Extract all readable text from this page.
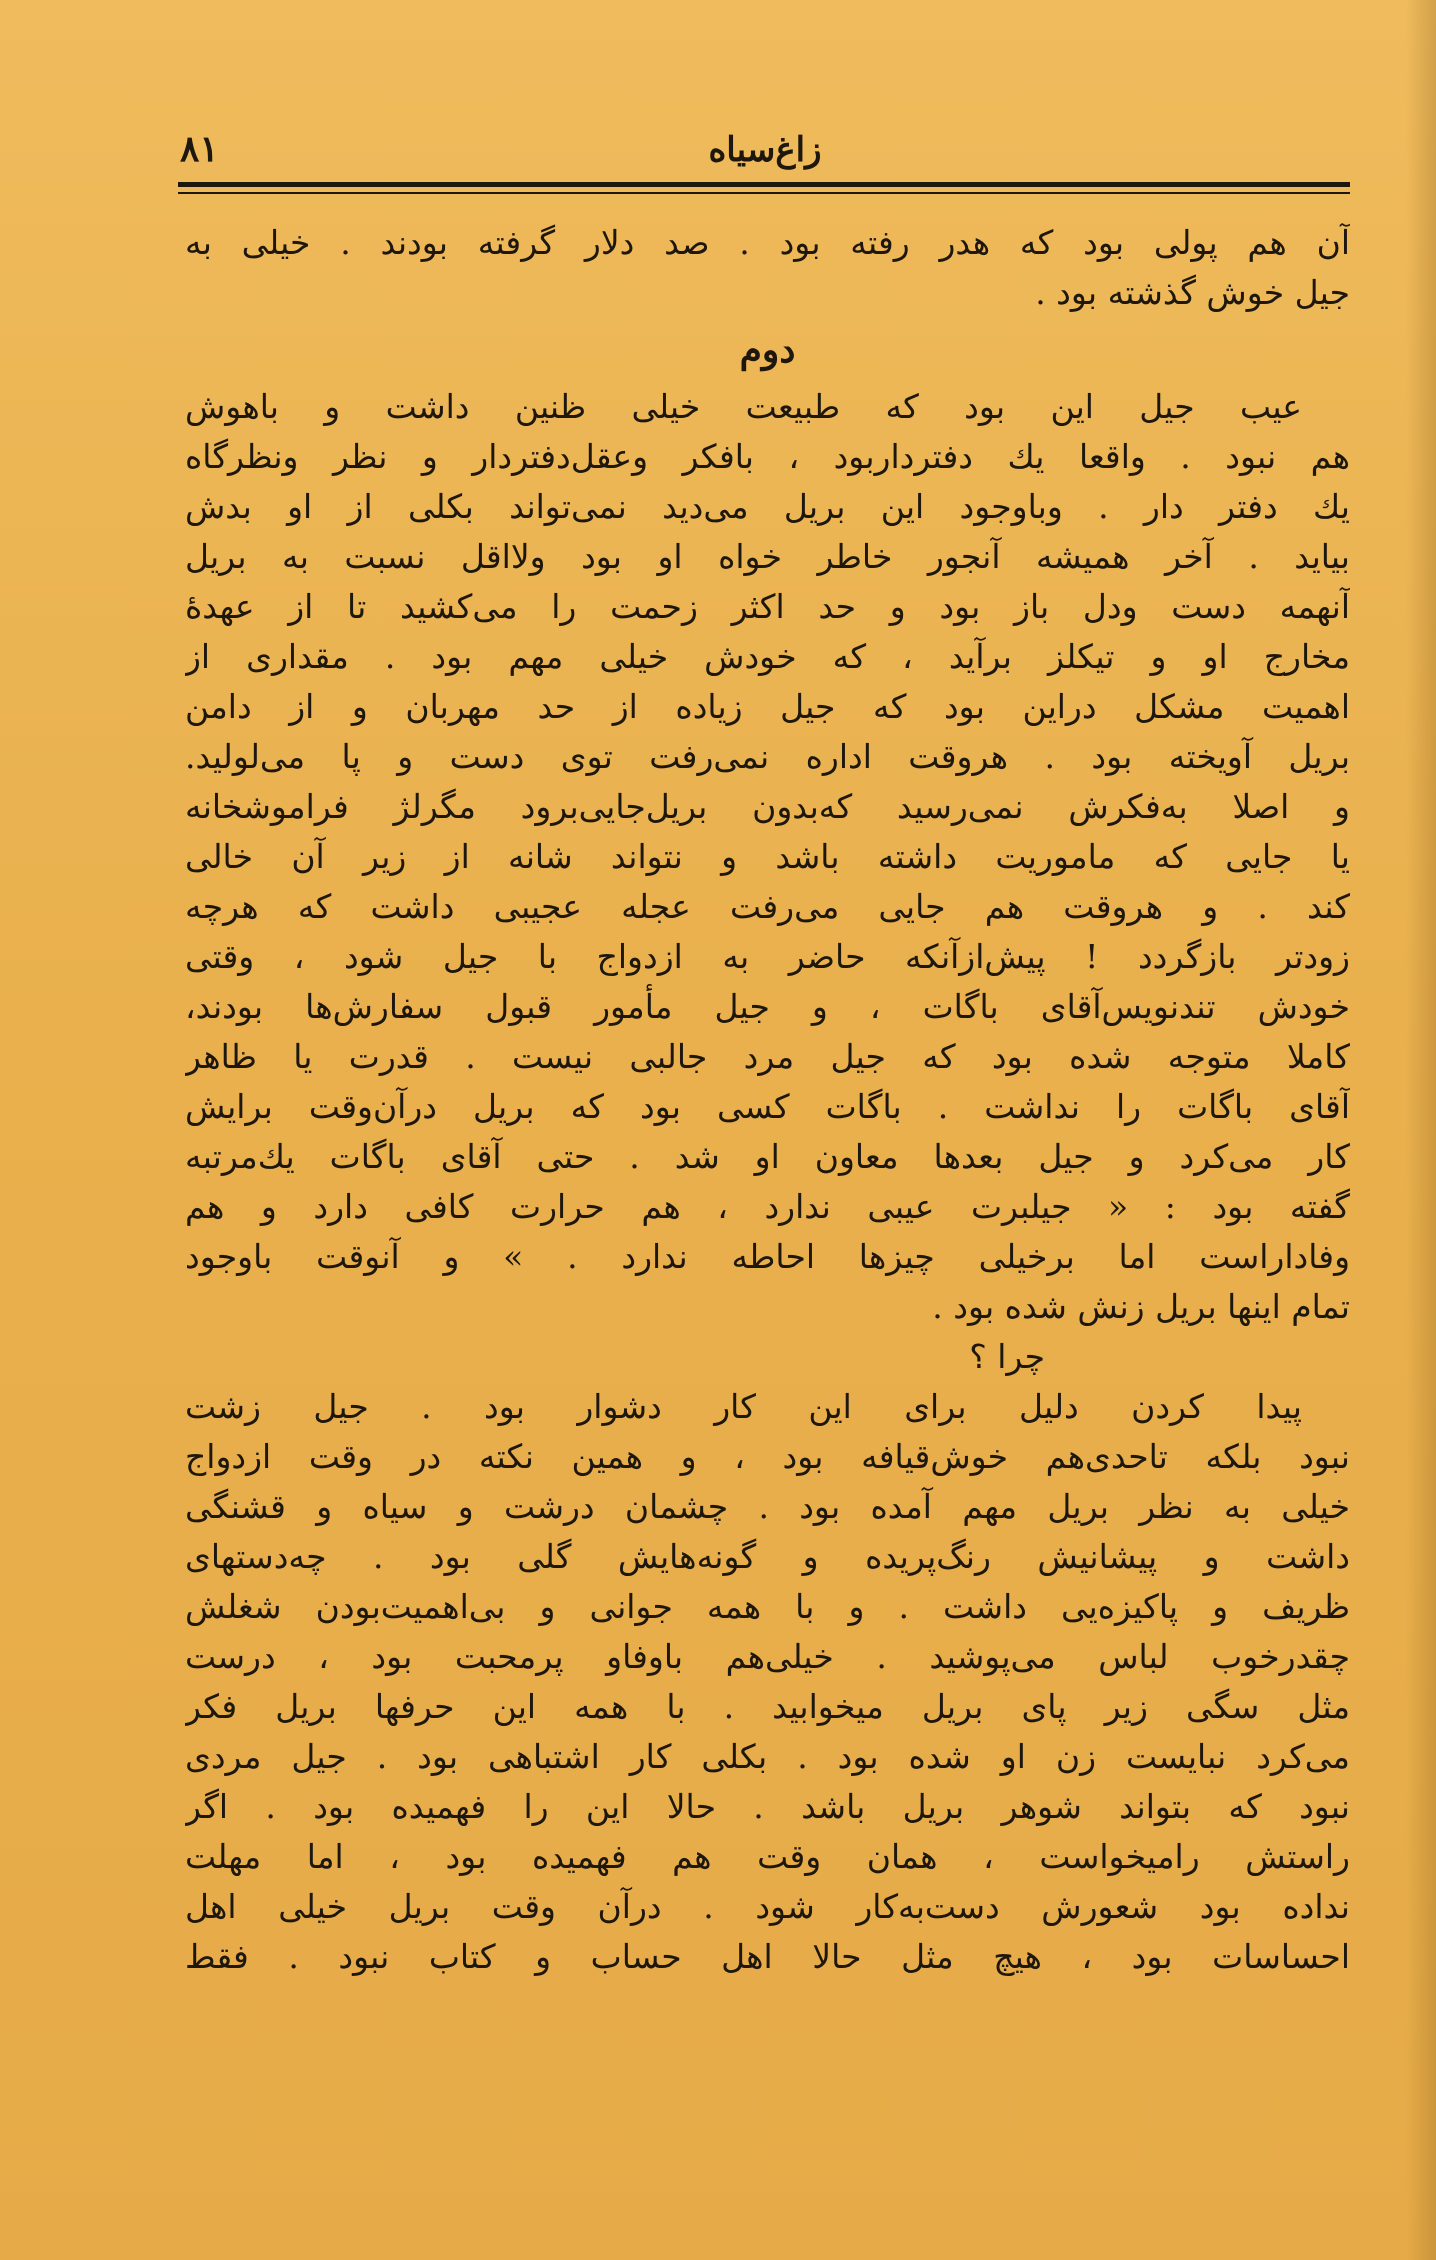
زاغ‌سیاه
۸۱
آن هم پولی بود که هدر رفته بود . صد دلار گرفته بودند . خیلی به
جیل خوش گذشته بود .
دوم
عیب جیل این بود که طبیعت خیلی ظنین داشت و باهوش
هم نبود . واقعا یك دفتردار‌بود ، بافکر وعقل‌دفتردار و نظر ونظرگاه
یك دفتر دار . وباوجود این بریل می‌دید نمی‌تواند بکلی از او بدش
بیاید . آخر همیشه آنجور خاطر خواه او بود ولااقل نسبت به بریل
آنهمه دست ودل‌ باز بود و حد اکثر زحمت را می‌کشید تا از عهدهٔ
مخارج او و تیکلز برآید ، که خودش خیلی مهم بود . مقداری از
اهمیت مشکل دراین بود که جیل زیاده از حد مهربان و از دامن
بریل آویخته بود . هروقت اداره نمی‌رفت توی دست و پا می‌لولید.
و اصلا به‌فکرش نمی‌رسید که‌بدون بریل‌جایی‌برود مگرلژ فراموشخانه
یا جایی که ماموریت داشته باشد و نتواند شانه از زیر آن خالی
کند . و هروقت هم جایی می‌رفت عجله عجیبی داشت که هرچه
زودتر بازگردد ! پیش‌ازآنکه حاضر به ازدواج با جیل شود ، وقتی
خودش تندنویس‌آقای باگات ، و جیل مأمور قبول سفارش‌ها بودند،
کاملا متوجه شده بود که جیل مرد جالبی نیست . قدرت یا ظاهر
آقای باگات را نداشت . باگات کسی بود که بریل درآن‌وقت برایش
کار می‌کرد و جیل بعدها معاون او شد . حتی آقای باگات یك‌مرتبه
گفته بود : « جیلبرت عیبی ندارد ، هم حرارت کافی دارد و هم
وفاداراست اما برخیلی چیزها احاطه ندارد . » و آنوقت باوجود
تمام اینها بریل زنش شده بود .
چرا ؟
پیدا کردن دلیل برای این کار دشوار بود . جیل زشت
نبود بلکه تاحدی‌هم خوش‌قیافه بود ، و همین نکته در وقت ازدواج
خیلی به نظر بریل مهم آمده بود . چشمان درشت و سیاه و قشنگی
داشت و پیشانیش رنگ‌پریده و گونه‌هایش گلی بود . چه‌دستهای
ظریف و پاکیزه‌یی داشت . و با همه جوانی و بی‌اهمیت‌بودن شغلش
چقدرخوب لباس می‌پوشید . خیلی‌هم باوفاو پرمحبت بود ، درست
مثل سگی زیر پای بریل میخوابید . با همه این حرفها بریل فکر
می‌کرد نبایست زن او شده بود . بکلی کار اشتباهی بود . جیل مردی
نبود که بتواند شوهر بریل باشد . حالا این را فهمیده بود . اگر
راستش رامیخواست ، همان وقت هم فهمیده بود ، اما مهلت
نداده بود شعورش دست‌به‌کار شود . درآن وقت بریل خیلی اهل
احساسات بود ، هیچ مثل حالا اهل حساب و کتاب نبود . فقط
